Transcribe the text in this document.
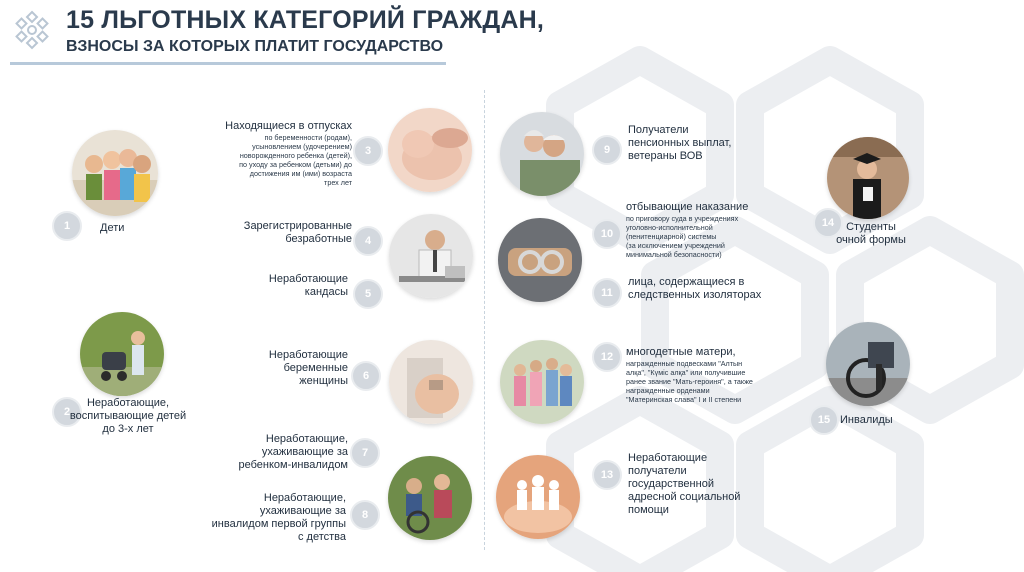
15 ЛЬГОТНЫХ КАТЕГОРИЙ ГРАЖДАН,
ВЗНОСЫ ЗА КОТОРЫХ ПЛАТИТ ГОСУДАРСТВО
1
2
3
4
5
6
7
8
9
10
11
12
13
14
15
Дети
Неработающие,
воспитывающие детей
до 3-х лет
Находящиеся в отпусках
по беременности (родам),
усыновлением (удочерением)
новорожденного ребенка (детей),
по уходу за ребенком (детьми) до
достижения им (ими) возраста
трех лет
Зарегистрированные
безработные
Неработающие
кандасы
Неработающие
беременные
женщины
Неработающие,
ухаживающие за
ребенком-инвалидом
Неработающие,
ухаживающие за
инвалидом первой группы
с детства
Получатели
пенсионных выплат,
ветераны ВОВ
отбывающие наказание
по приговору суда в учреждениях
уголовно-исполнительной
(пенитенциарной) системы
(за исключением учреждений
минимальной безопасности)
лица, содержащиеся в
следственных изоляторах
многодетные матери,
награжденные подвесками "Алтын
алқа", "Күміс алқа" или получившие
ранее звание "Мать-героиня", а также
награжденные орденами
"Материнская слава" I и II степени
Неработающие
получатели
государственной
адресной социальной
помощи
Студенты
очной формы
Инвалиды
